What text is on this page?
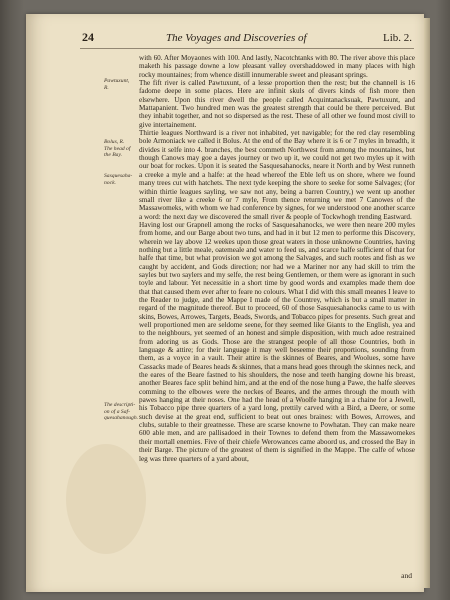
24	The Voyages and Discoveries of	Lib. 2.
Pawtuxunt,
R.
Bolus, R.
The head of
the Bay.
Sasquesaha-
nock.
The descripti-
on of a Saf-
quesahanough.

with 60. After Moyaones with 100. And lastly, Nacotchtanks with 80. The river above this place maketh his passage downe a low pleasant valley overshaddowed in many places with high rocky mountaines; from whence distill innumerable sweet and pleasant springs.
The fift river is called Pawtuxunt, of a lesse proportion then the rest; but the channell is 16 fadome deepe in some places. Here are infinit skuls of divers kinds of fish more then elsewhere. Upon this river dwell the people called Acquintanacksuak, Pawtuxunt, and Mattapanient. Two hundred men was the greatest strength that could be there perceived. But they inhabit together, and not so dispersed as the rest. These of all other we found most civill to give intertainement.
Thirtie leagues Northward is a river not inhabited, yet navigable; for the red clay resembling bole Armoniack we called it Bolus. At the end of the Bay where it is 6 or 7 myles in breadth, it divides it selfe into 4. branches, the best commeth Northwest from among the mountaines, but though Canows may goe a dayes journey or two up it, we could not get two myles up it with our boat for rockes. Upon it is seated the Sasquesahanocks, neare it North and by West runneth a creeke a myle and a halfe: at the head whereof the Eble left us on shore, where we found many trees cut with hatchets. The next tyde keeping the shore to seeke for some Salvages; (for within thirtie leagues sayling, we saw not any, being a barren Country,) we went up another small river like a creeke 6 or 7 myle, From thence returning we met 7 Canowes of the Massawomeks, with whom we had conference by signes, for we understood one another scarce a word: the next day we discovered the small river & people of Tockwhogh trending Eastward.
Having lost our Grapnell among the rocks of Sasquesahanocks, we were then neare 200 myles from home, and our Barge about two tuns, and had in it but 12 men to performe this Discovery, wherein we lay above 12 weekes upon those great waters in those unknowne Countries, having nothing but a little meale, oatemeale and water to feed us, and scarce halfe sufficient of that for halfe that time, but what provision we got among the Salvages, and such rootes and fish as we caught by accident, and Gods direction; nor had we a Mariner nor any had skill to trim the sayles but two saylers and my selfe, the rest being Gentlemen, or them were as ignorant in such toyle and labour. Yet necessitie in a short time by good words and examples made them doe that that caused them ever after to feare no colours. What I did with this small meanes I leave to the Reader to judge, and the Mappe I made of the Countrey, which is but a small matter in regard of the magnitude thereof. But to proceed, 60 of those Sasquesahanocks came to us with skins, Bowes, Arrowes, Targets, Beads, Swords, and Tobacco pipes for presents. Such great and well proportioned men are seldome seene, for they seemed like Giants to the English, yea and to the neighbours, yet seemed of an honest and simple disposition, with much adoe restrained from adoring us as Gods. Those are the strangest people of all those Countries, both in language & attire; for their language it may well beseeme their proportions, sounding from them, as a voyce in a vault. Their attire is the skinnes of Beares, and Woolues, some have Cassacks made of Beares heads & skinnes, that a mans head goes through the skinnes neck, and the eares of the Beare fastned to his shoulders, the nose and teeth hanging downe his breast, another Beares face split behind him, and at the end of the nose hung a Pawe, the halfe sleeves comming to the elbowes were the neckes of Beares, and the armes through the mouth with pawes hanging at their noses. One had the head of a Woolfe hanging in a chaine for a Jewell, his Tobacco pipe three quarters of a yard long, prettily carved with a Bird, a Deere, or some such devise at the great end, sufficient to beat out ones braines: with Bowes, Arrowes, and clubs, sutable to their greatnesse. These are scarse knowne to Powhatan. They can make neare 600 able men, and are pallisadoed in their Townes to defend them from the Massawomekes their mortall enemies. Five of their chiefe Werowances came aboord us, and crossed the Bay in their Barge. The picture of the greatest of them is signified in the Mappe. The calfe of whose leg was three quarters of a yard about,

and
